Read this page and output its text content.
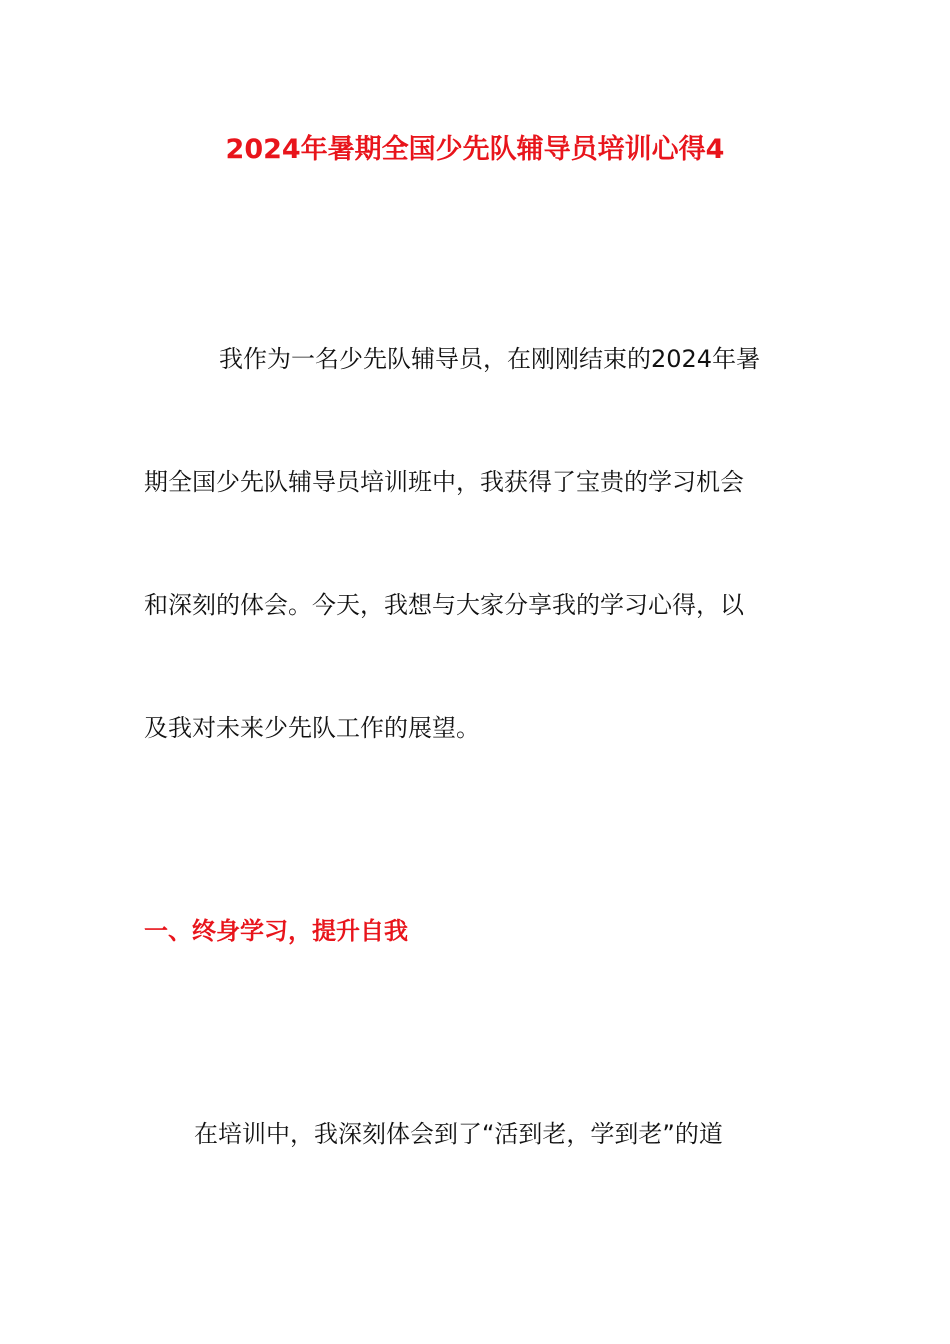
2024年暑期全国少先队辅导员培训心得4
我作为一名少先队辅导员，在刚刚结束的2024年暑
期全国少先队辅导员培训班中，我获得了宝贵的学习机会
和深刻的体会。今天，我想与大家分享我的学习心得，以
及我对未来少先队工作的展望。
一、终身学习，提升自我
在培训中，我深刻体会到了“活到老，学到老”的道
